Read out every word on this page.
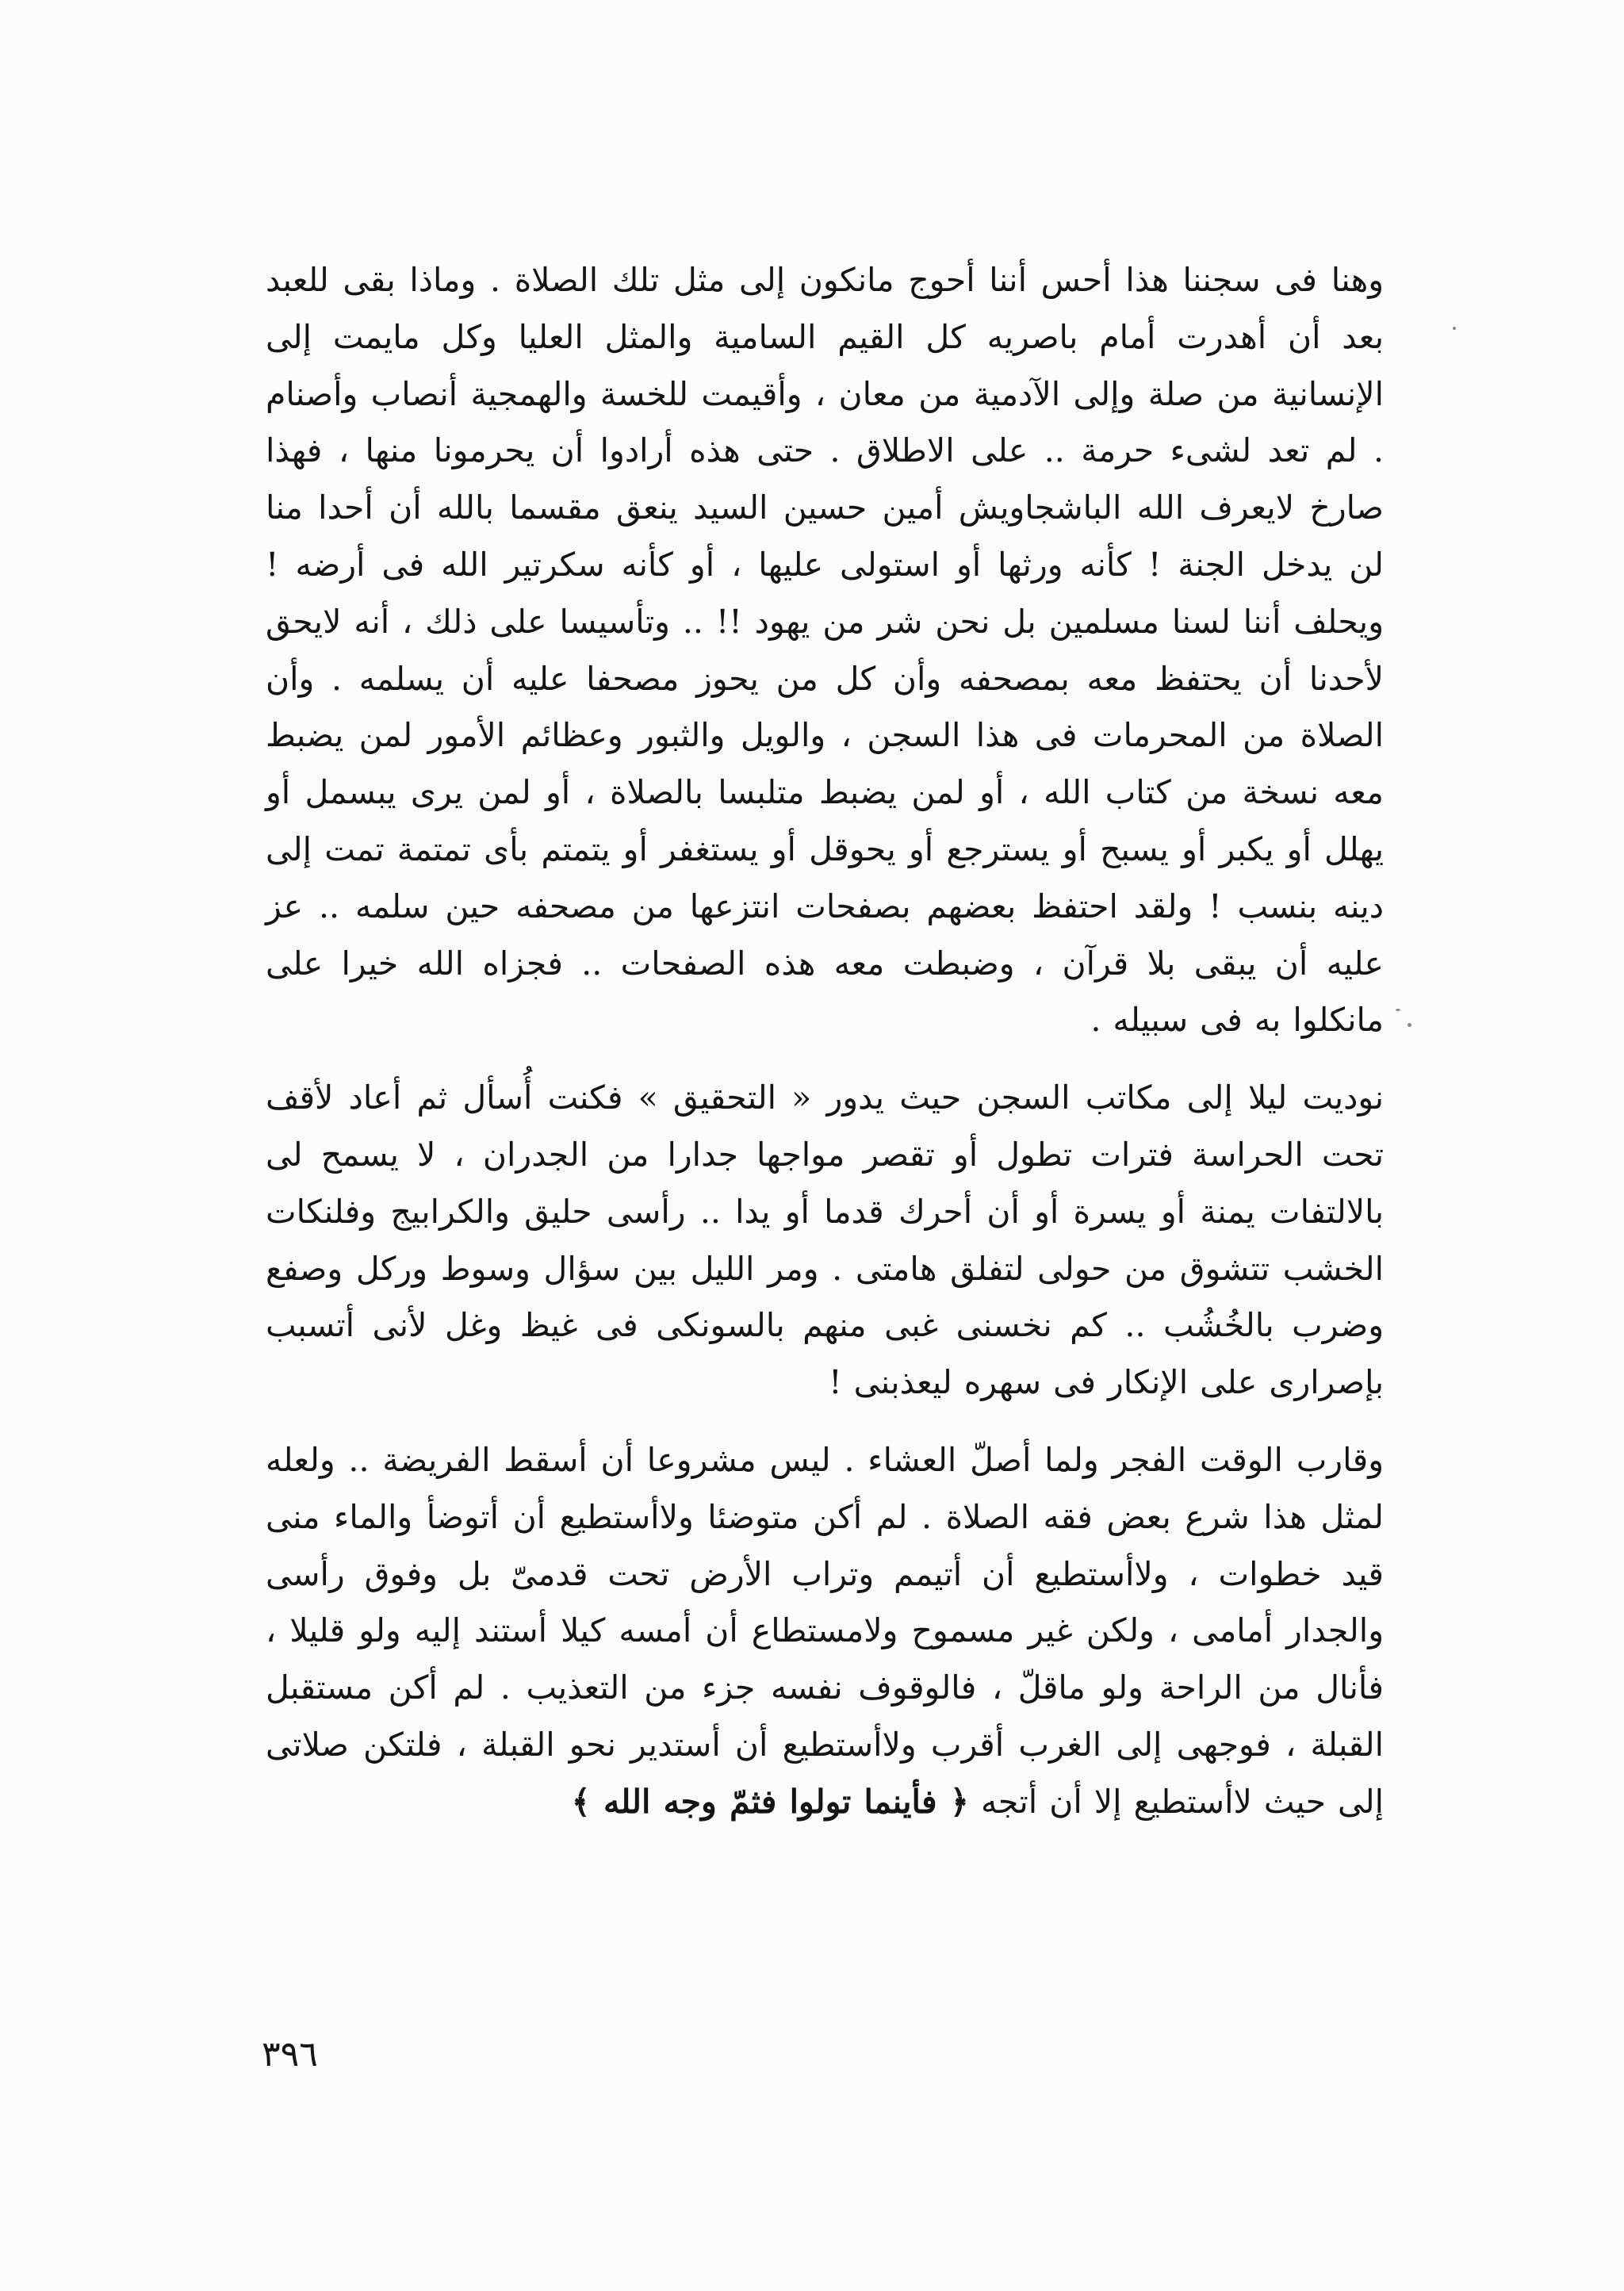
وهنا فى سجننا هذا أحس أننا أحوج مانكون إلى مثل تلك الصلاة . وماذا بقى للعبد بعد أن أهدرت أمام باصريه كل القيم السامية والمثل العليا وكل مايمت إلى الإنسانية من صلة وإلى الآدمية من معان ، وأقيمت للخسة والهمجية أنصاب وأصنام . لم تعد لشىء حرمة .. على الاطلاق . حتى هذه أرادوا أن يحرمونا منها ، فهذا صارخ لايعرف الله الباشجاويش أمين حسين السيد ينعق مقسما بالله أن أحدا منا لن يدخل الجنة ! كأنه ورثها أو استولى عليها ، أو كأنه سكرتير الله فى أرضه ! ويحلف أننا لسنا مسلمين بل نحن شر من يهود !! .. وتأسيسا على ذلك ، أنه لايحق لأحدنا أن يحتفظ معه بمصحفه وأن كل من يحوز مصحفا عليه أن يسلمه . وأن الصلاة من المحرمات فى هذا السجن ، والويل والثبور وعظائم الأمور لمن يضبط معه نسخة من كتاب الله ، أو لمن يضبط متلبسا بالصلاة ، أو لمن يرى يبسمل أو يهلل أو يكبر أو يسبح أو يسترجع أو يحوقل أو يستغفر أو يتمتم بأى تمتمة تمت إلى دينه بنسب ! ولقد احتفظ بعضهم بصفحات انتزعها من مصحفه حين سلمه .. عز عليه أن يبقى بلا قرآن ، وضبطت معه هذه الصفحات .. فجزاه الله خيرا على مانكلوا به فى سبيله .

نوديت ليلا إلى مكاتب السجن حيث يدور « التحقيق » فكنت أُسأل ثم أعاد لأقف تحت الحراسة فترات تطول أو تقصر مواجها جدارا من الجدران ، لا يسمح لى بالالتفات يمنة أو يسرة أو أن أحرك قدما أو يدا .. رأسى حليق والكرابيج وفلنكات الخشب تتشوق من حولى لتفلق هامتى . ومر الليل بين سؤال وسوط وركل وصفع وضرب بالخُشُب .. كم نخسنى غبى منهم بالسونكى فى غيظ وغل لأنى أتسبب بإصرارى على الإنكار فى سهره ليعذبنى !

وقارب الوقت الفجر ولما أصلّ العشاء . ليس مشروعا أن أسقط الفريضة .. ولعله لمثل هذا شرع بعض فقه الصلاة . لم أكن متوضئا ولاأستطيع أن أتوضأ والماء منى قيد خطوات ، ولاأستطيع أن أتيمم وتراب الأرض تحت قدمىّ بل وفوق رأسى والجدار أمامى ، ولكن غير مسموح ولامستطاع أن أمسه كيلا أستند إليه ولو قليلا ، فأنال من الراحة ولو ماقلّ ، فالوقوف نفسه جزء من التعذيب . لم أكن مستقبل القبلة ، فوجهى إلى الغرب أقرب ولاأستطيع أن أستدير نحو القبلة ، فلتكن صلاتى إلى حيث لاأستطيع إلا أن أتجه ﴿ فأينما تولوا فثمّ وجه الله ﴾

٣٩٦
